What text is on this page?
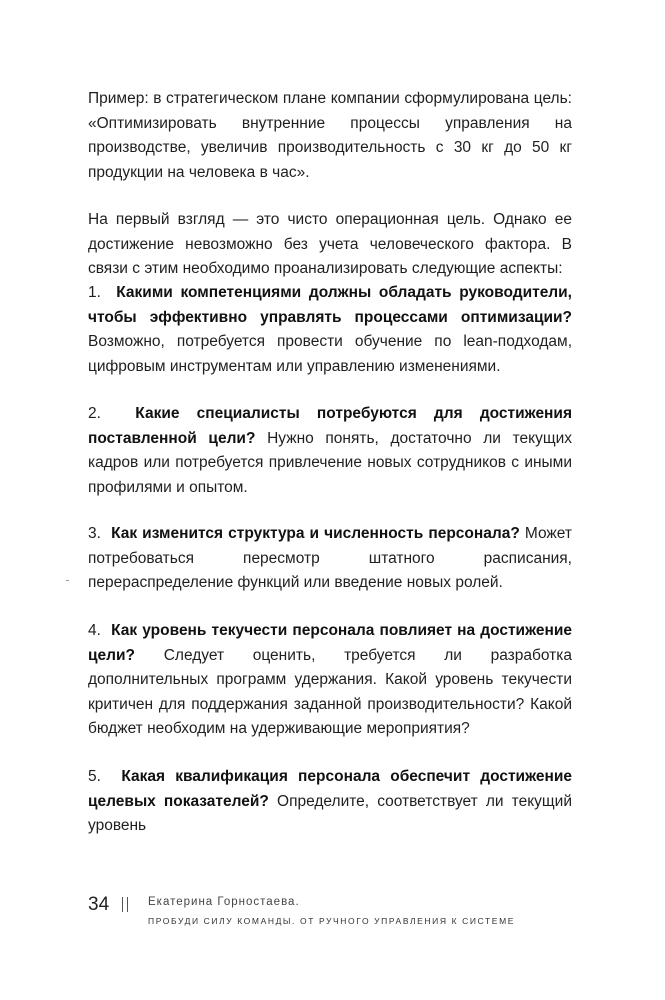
Пример: в стратегическом плане компании сформулирована цель: «Оптимизировать внутренние процессы управления на производстве, увеличив производительность с 30 кг до 50 кг продукции на человека в час».

На первый взгляд — это чисто операционная цель. Однако ее достижение невозможно без учета человеческого фактора. В связи с этим необходимо проанализировать следующие аспекты:

1. Какими компетенциями должны обладать руководители, чтобы эффективно управлять процессами оптимизации? Возможно, потребуется провести обучение по lean-подходам, цифровым инструментам или управлению изменениями.

2. Какие специалисты потребуются для достижения поставленной цели? Нужно понять, достаточно ли текущих кадров или потребуется привлечение новых сотрудников с иными профилями и опытом.

3. Как изменится структура и численность персонала? Может потребоваться пересмотр штатного расписания, перераспределение функций или введение новых ролей.

4. Как уровень текучести персонала повлияет на достижение цели? Следует оценить, требуется ли разработка дополнительных программ удержания. Какой уровень текучести критичен для поддержания заданной производительности? Какой бюджет необходим на удерживающие мероприятия?

5. Какая квалификация персонала обеспечит достижение целевых показателей? Определите, соответствует ли текущий уровень

34	Екатерина Горностаева.
ПРОБУДИ СИЛУ КОМАНДЫ. ОТ РУЧНОГО УПРАВЛЕНИЯ К СИСТЕМЕ
